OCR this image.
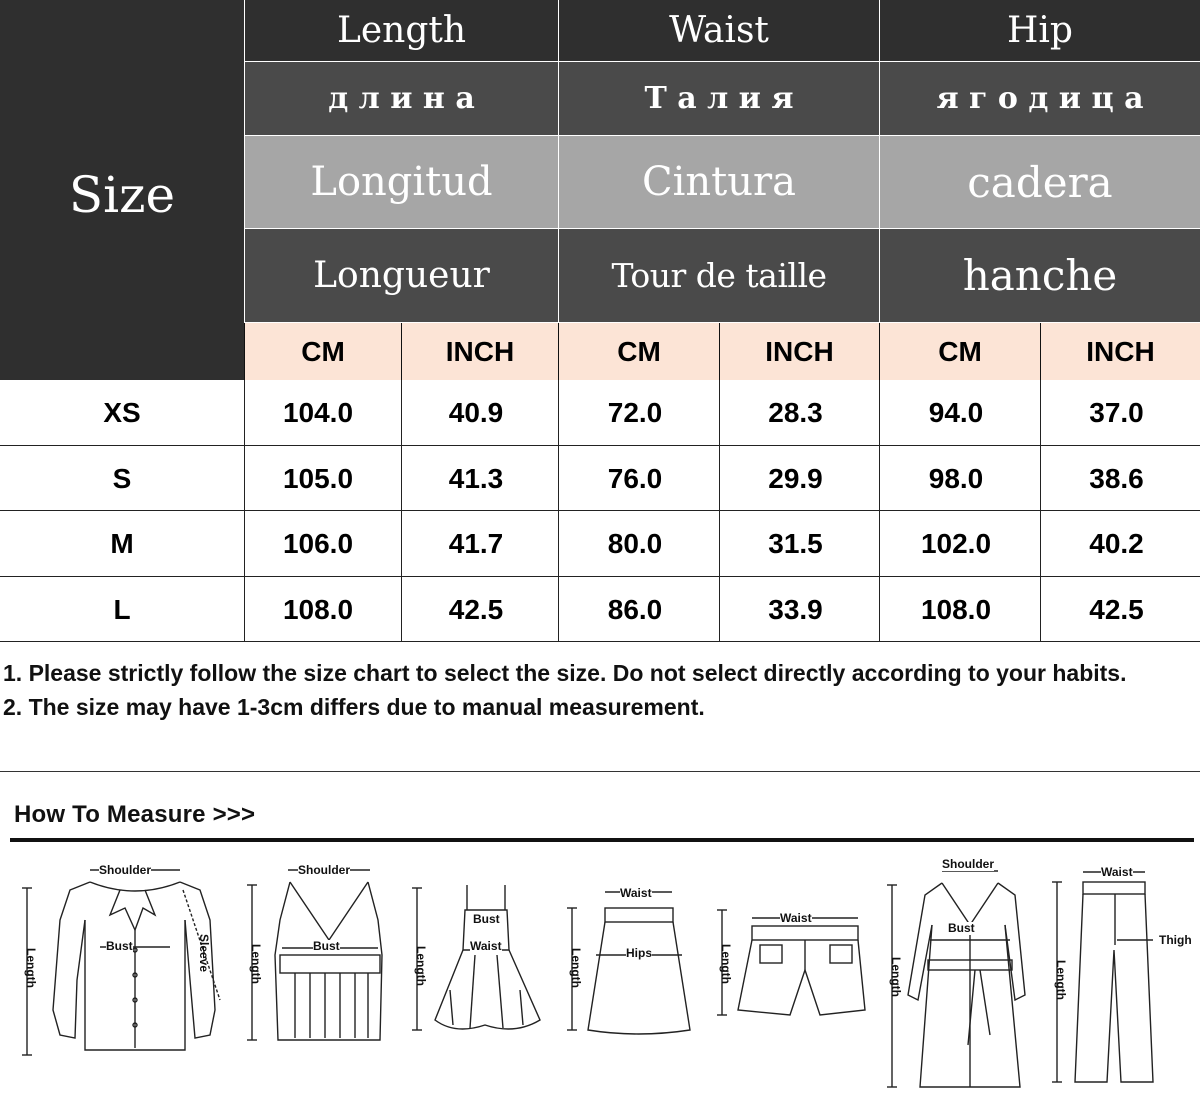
Size
Length	Waist	Hip
д л и н а	Т а л и я	я г о д и ц а
Longitud	Cintura	cadera
Longueur	Tour de taille	hanche
CM	INCH	CM	INCH	CM	INCH
XS	104.0	40.9	72.0	28.3	94.0	37.0
S	105.0	41.3	76.0	29.9	98.0	38.6
M	106.0	41.7	80.0	31.5	102.0	40.2
L	108.0	42.5	86.0	33.9	108.0	42.5
1. Please strictly follow the size chart to select the size. Do not select directly according to your habits.
2. The size may have 1-3cm differs due to manual measurement.
How To Measure >>>
Shoulder
Bust	Sleeve
Length
Shoulder
Bust
Length
Bust
Waist
Length
Waist
Hips
Length
Waist
Length
Shoulder
Bust
Length
Waist
Thigh
Length
